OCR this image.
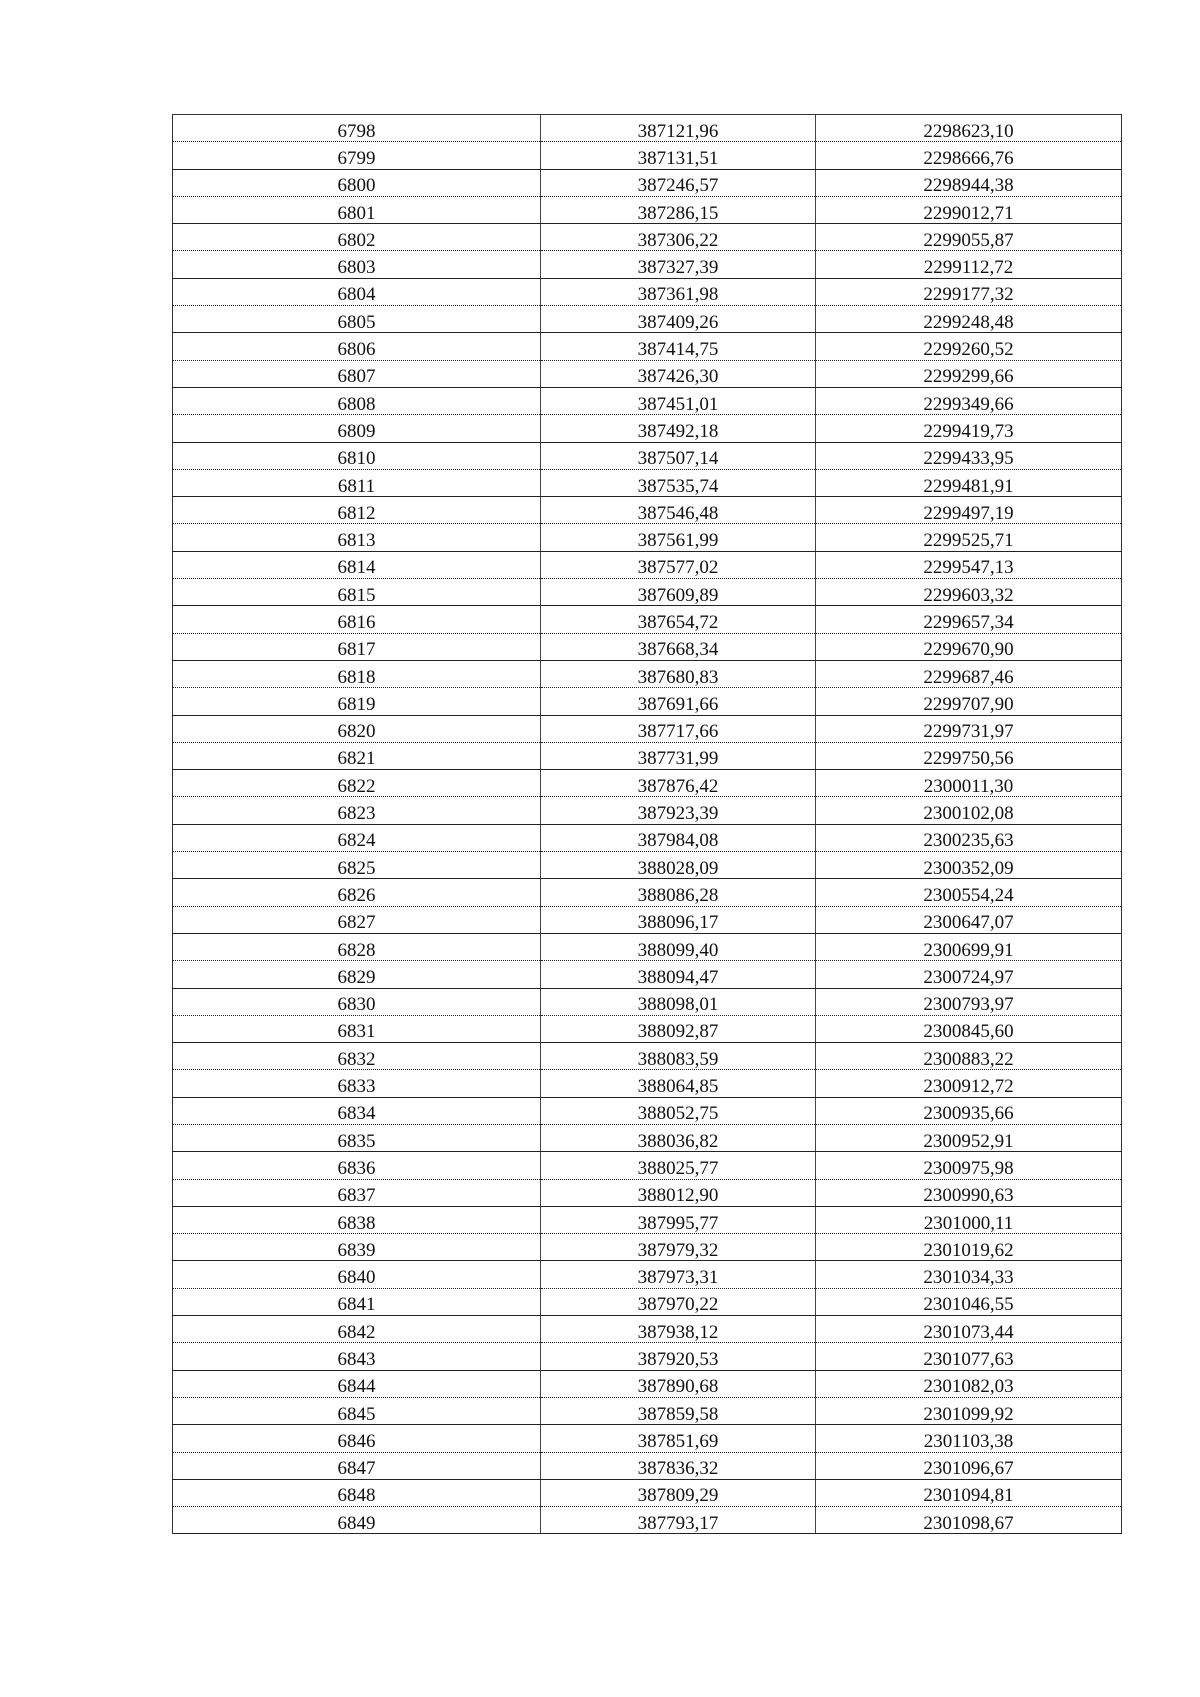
6798	387121,96	2298623,10
6799	387131,51	2298666,76
6800	387246,57	2298944,38
6801	387286,15	2299012,71
6802	387306,22	2299055,87
6803	387327,39	2299112,72
6804	387361,98	2299177,32
6805	387409,26	2299248,48
6806	387414,75	2299260,52
6807	387426,30	2299299,66
6808	387451,01	2299349,66
6809	387492,18	2299419,73
6810	387507,14	2299433,95
6811	387535,74	2299481,91
6812	387546,48	2299497,19
6813	387561,99	2299525,71
6814	387577,02	2299547,13
6815	387609,89	2299603,32
6816	387654,72	2299657,34
6817	387668,34	2299670,90
6818	387680,83	2299687,46
6819	387691,66	2299707,90
6820	387717,66	2299731,97
6821	387731,99	2299750,56
6822	387876,42	2300011,30
6823	387923,39	2300102,08
6824	387984,08	2300235,63
6825	388028,09	2300352,09
6826	388086,28	2300554,24
6827	388096,17	2300647,07
6828	388099,40	2300699,91
6829	388094,47	2300724,97
6830	388098,01	2300793,97
6831	388092,87	2300845,60
6832	388083,59	2300883,22
6833	388064,85	2300912,72
6834	388052,75	2300935,66
6835	388036,82	2300952,91
6836	388025,77	2300975,98
6837	388012,90	2300990,63
6838	387995,77	2301000,11
6839	387979,32	2301019,62
6840	387973,31	2301034,33
6841	387970,22	2301046,55
6842	387938,12	2301073,44
6843	387920,53	2301077,63
6844	387890,68	2301082,03
6845	387859,58	2301099,92
6846	387851,69	2301103,38
6847	387836,32	2301096,67
6848	387809,29	2301094,81
6849	387793,17	2301098,67
